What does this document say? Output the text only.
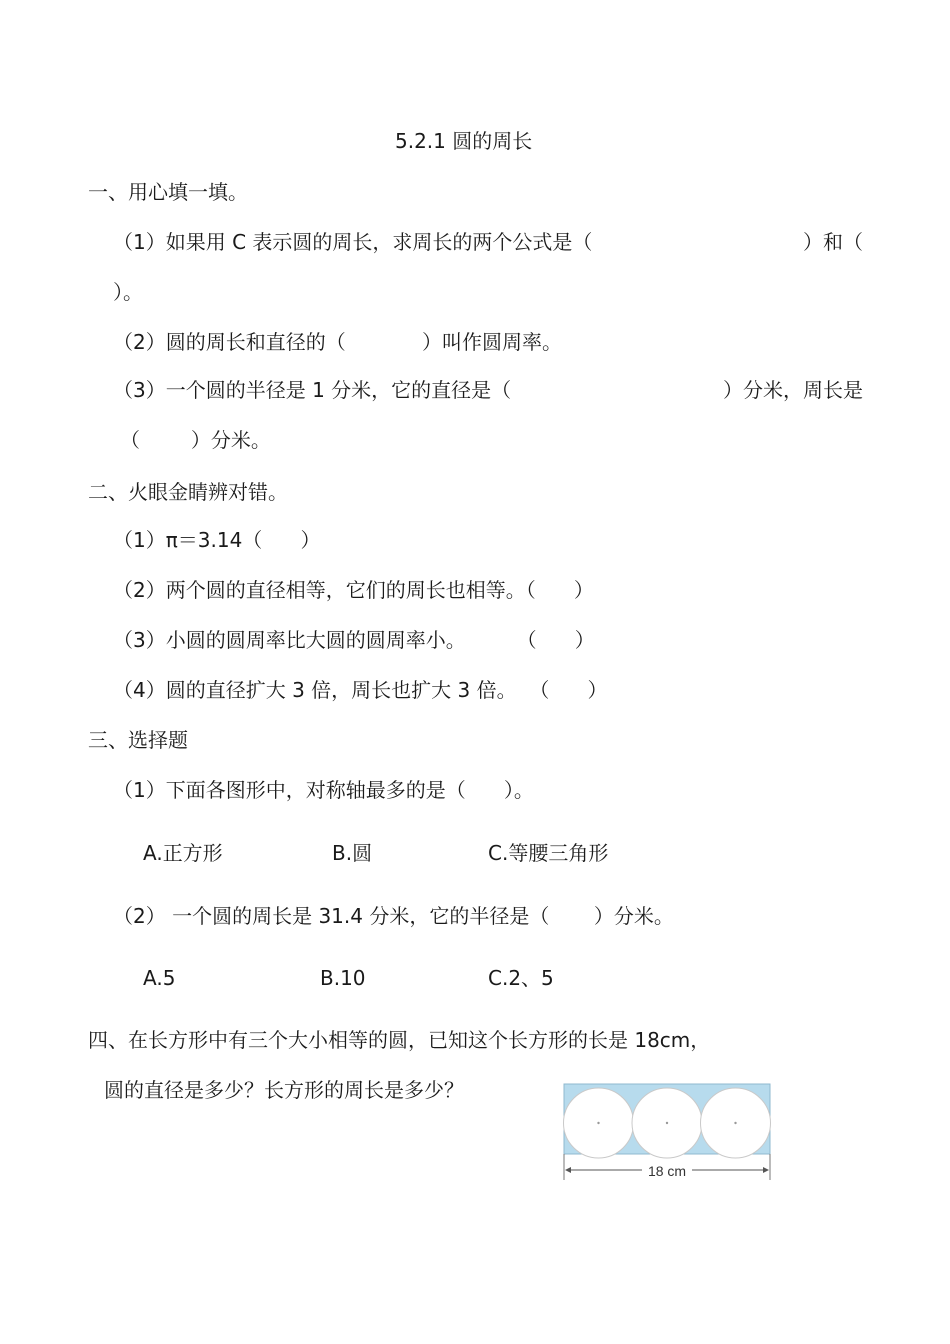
5.2.1 圆的周长
一、用心填一填。
（1）如果用 C 表示圆的周长，求周长的两个公式是（	）和（
）。
（2）圆的周长和直径的（            ）叫作圆周率。
（3）一个圆的半径是 1 分米，它的直径是（	）分米，周长是
（        ）分米。
二、火眼金睛辨对错。
（1）π＝3.14（      ）
（2）两个圆的直径相等，它们的周长也相等。（      ）
（3）小圆的圆周率比大圆的圆周率小。        （      ）
（4）圆的直径扩大 3 倍，周长也扩大 3 倍。  （      ）
三、选择题
（1）下面各图形中，对称轴最多的是（      ）。
A.正方形	B.圆	C.等腰三角形
（2） 一个圆的周长是 31.4 分米，它的半径是（       ）分米。
A.5	B.10	C.2、5
四、在长方形中有三个大小相等的圆，已知这个长方形的长是 18cm，
圆的直径是多少？长方形的周长是多少？
18 cm
